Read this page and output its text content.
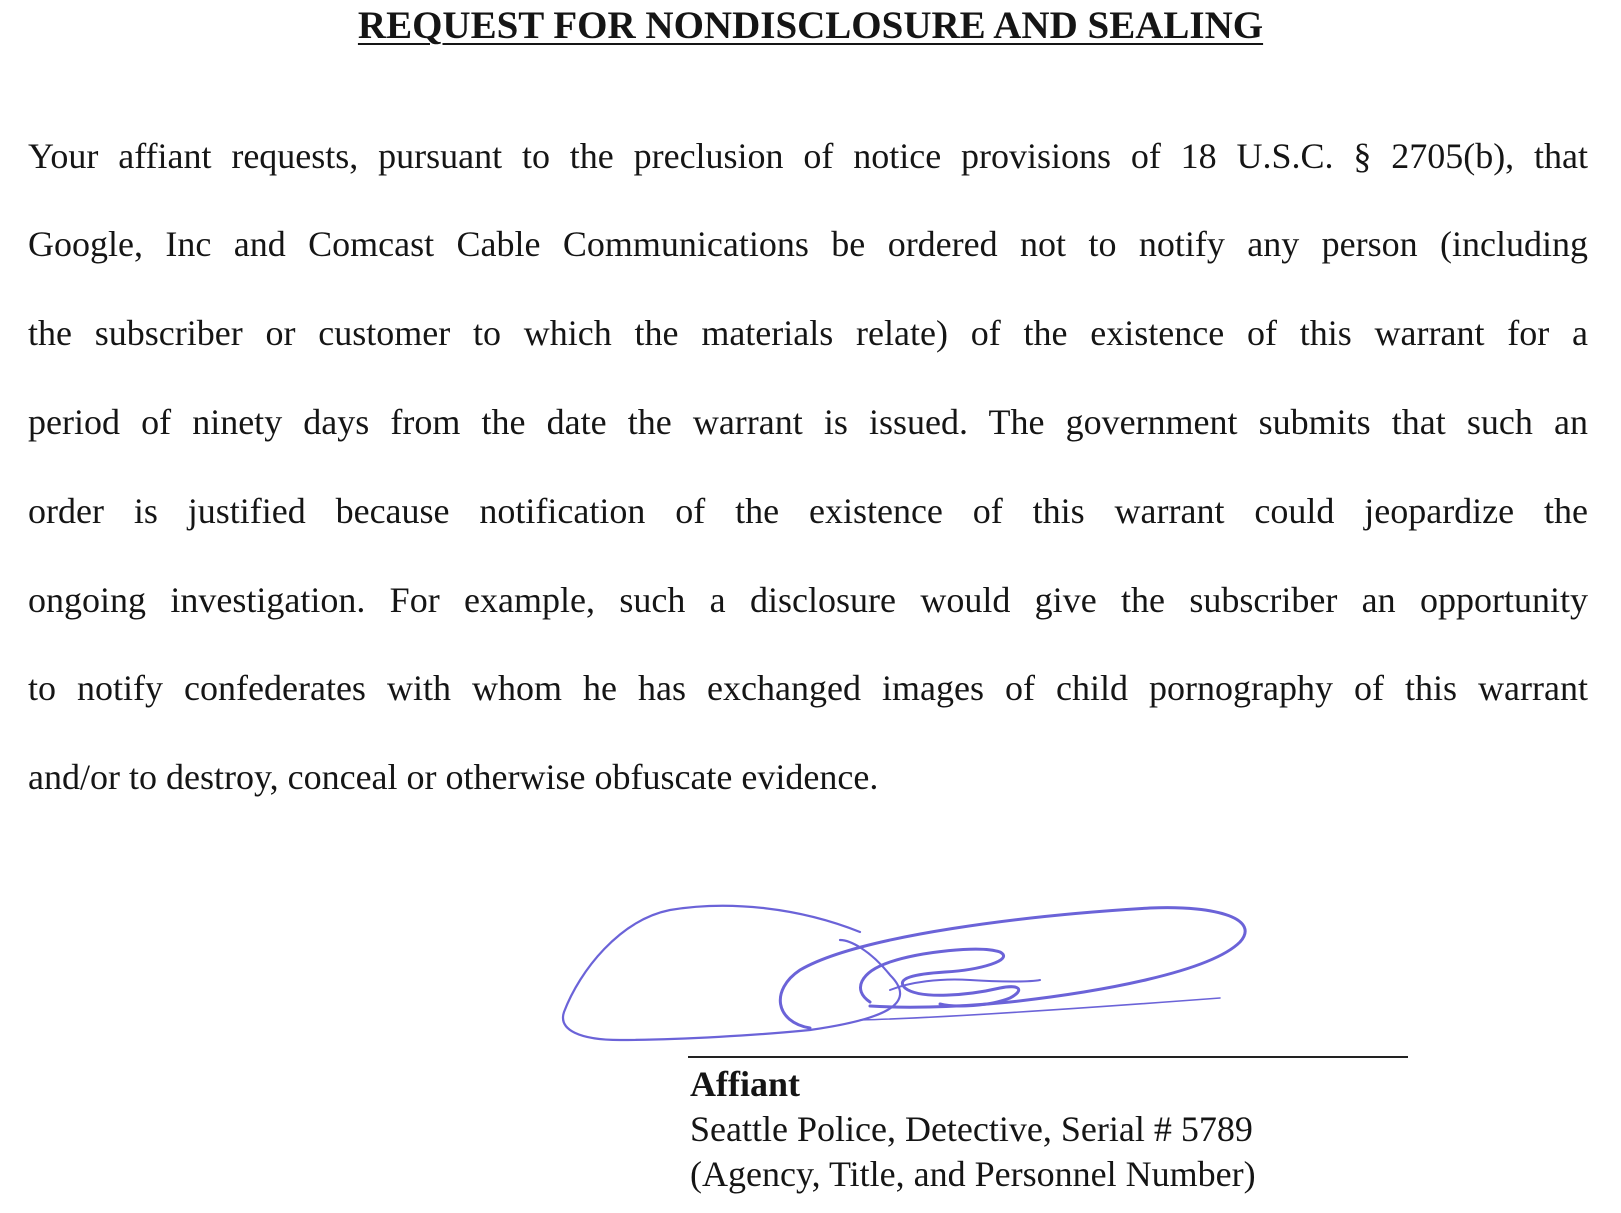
REQUEST FOR NONDISCLOSURE AND SEALING
Your affiant requests, pursuant to the preclusion of notice provisions of 18 U.S.C. § 2705(b), that
Google, Inc and Comcast Cable Communications be ordered not to notify any person (including
the subscriber or customer to which the materials relate) of the existence of this warrant for a
period of ninety days from the date the warrant is issued. The government submits that such an
order is justified because notification of the existence of this warrant could jeopardize the
ongoing investigation. For example, such a disclosure would give the subscriber an opportunity
to notify confederates with whom he has exchanged images of child pornography of this warrant
and/or to destroy, conceal or otherwise obfuscate evidence.
Affiant
Seattle Police, Detective, Serial # 5789
(Agency, Title, and Personnel Number)
